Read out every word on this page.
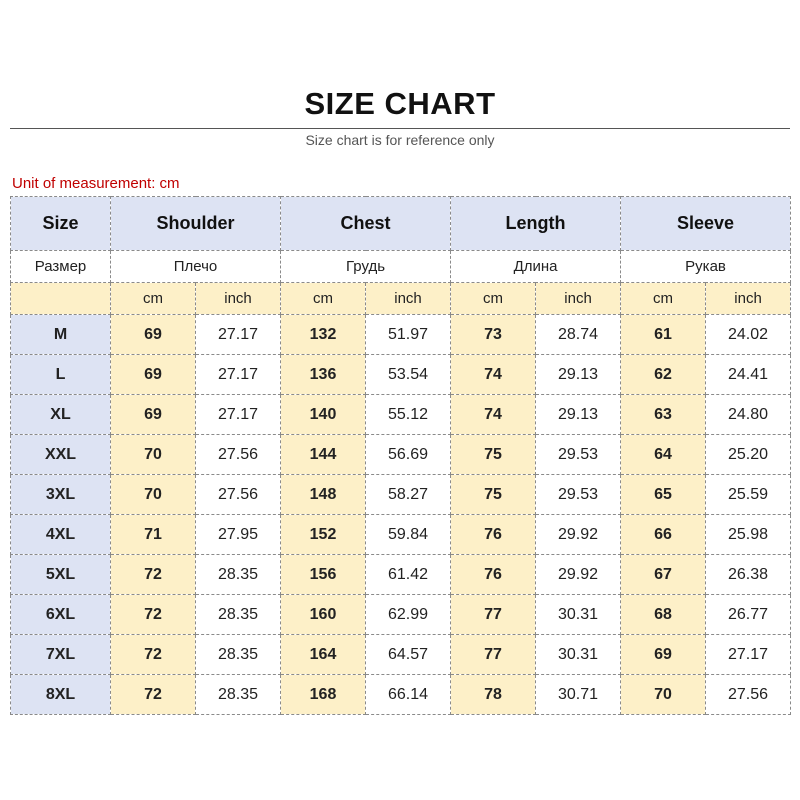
SIZE CHART
Size chart is for reference only
Unit of measurement: cm
Size	Shoulder		Chest		Length		Sleeve	
Размер	Плечо		Грудь		Длина		Рукав	
	cm	inch	cm	inch	cm	inch	cm	inch
M	69	27.17	132	51.97	73	28.74	61	24.02
L	69	27.17	136	53.54	74	29.13	62	24.41
XL	69	27.17	140	55.12	74	29.13	63	24.80
XXL	70	27.56	144	56.69	75	29.53	64	25.20
3XL	70	27.56	148	58.27	75	29.53	65	25.59
4XL	71	27.95	152	59.84	76	29.92	66	25.98
5XL	72	28.35	156	61.42	76	29.92	67	26.38
6XL	72	28.35	160	62.99	77	30.31	68	26.77
7XL	72	28.35	164	64.57	77	30.31	69	27.17
8XL	72	28.35	168	66.14	78	30.71	70	27.56
